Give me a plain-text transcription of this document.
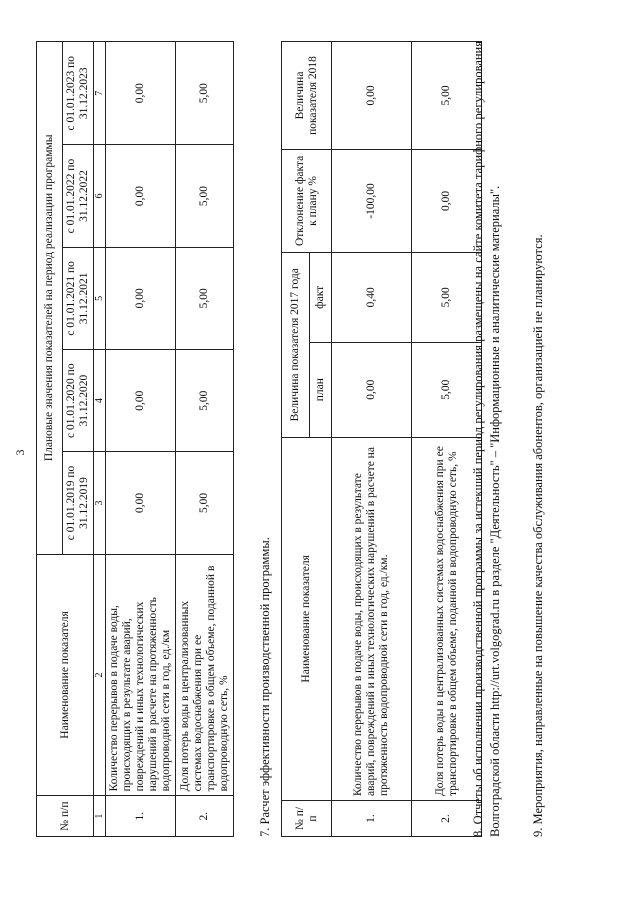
3
№ п/п	Наименование показателя	Плановые значения показателей на период реализации программы				
		с 01.01.2019 по 31.12.2019	с 01.01.2020 по 31.12.2020	с 01.01.2021 по 31.12.2021	с 01.01.2022 по 31.12.2022	с 01.01.2023 по 31.12.2023
1	2	3	4	5	6	7
1.	Количество перерывов в подаче воды, происходящих в результате аварий, повреждений и иных технологических нарушений в расчете на протяженность водопроводной сети в год, ед./км	0,00	0,00	0,00	0,00	0,00
2.	Доля потерь воды в централизованных системах водоснабжения при ее транспортировке в общем объеме, поданной в водопроводную сеть, %	5,00	5,00	5,00	5,00	5,00
7. Расчет эффективности производственной программы. № п/п	Наименование показателя	Величина показателя 2017 года		Отклонение факта к плану %	Величина показателя 2018
		план	факт		
1.	Количество перерывов в подаче воды, происходящих в результате аварий, повреждений и иных технологических нарушений в расчете на протяженность водопроводной сети в год, ед./км.	0,00	0,40	-100,00	0,00
2.	Доля потерь воды в централизованных системах водоснабжения при ее транспортировке в общем объеме, поданной в водопроводную сеть, %	5,00	5,00	0,00	5,00 8. Отчеты об исполнении производственной программы за истекший период регулирования размещены на сайте комитета тарифного регулирования Волгоградской области http://urt.volgograd.ru в разделе "Деятельность" – "Информационные и аналитические материалы". 9. Мероприятия, направленные на повышение качества обслуживания абонентов, организацией не планируются.
